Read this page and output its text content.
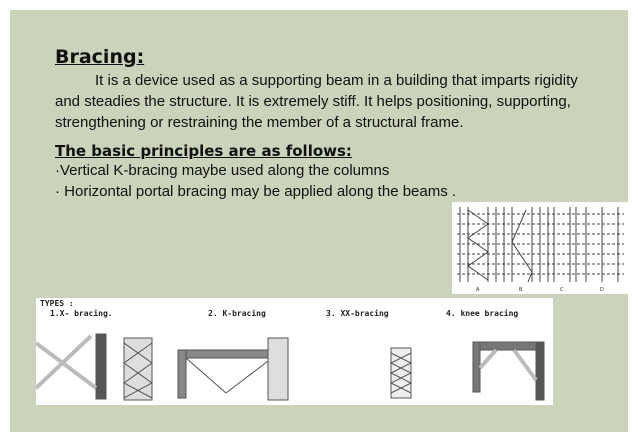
Bracing:
It is a device used as a supporting beam in a building that imparts rigidity
and steadies the structure. It is extremely stiff. It helps positioning, supporting,
strengthening or restraining the member of a structural frame.
The basic principles are as follows:
·Vertical K-bracing maybe used along the columns
· Horizontal portal bracing may be applied along the beams .
A	B	C	D
TYPES :
1.X- bracing.	2. K-bracing	3. XX-bracing	4. knee bracing
